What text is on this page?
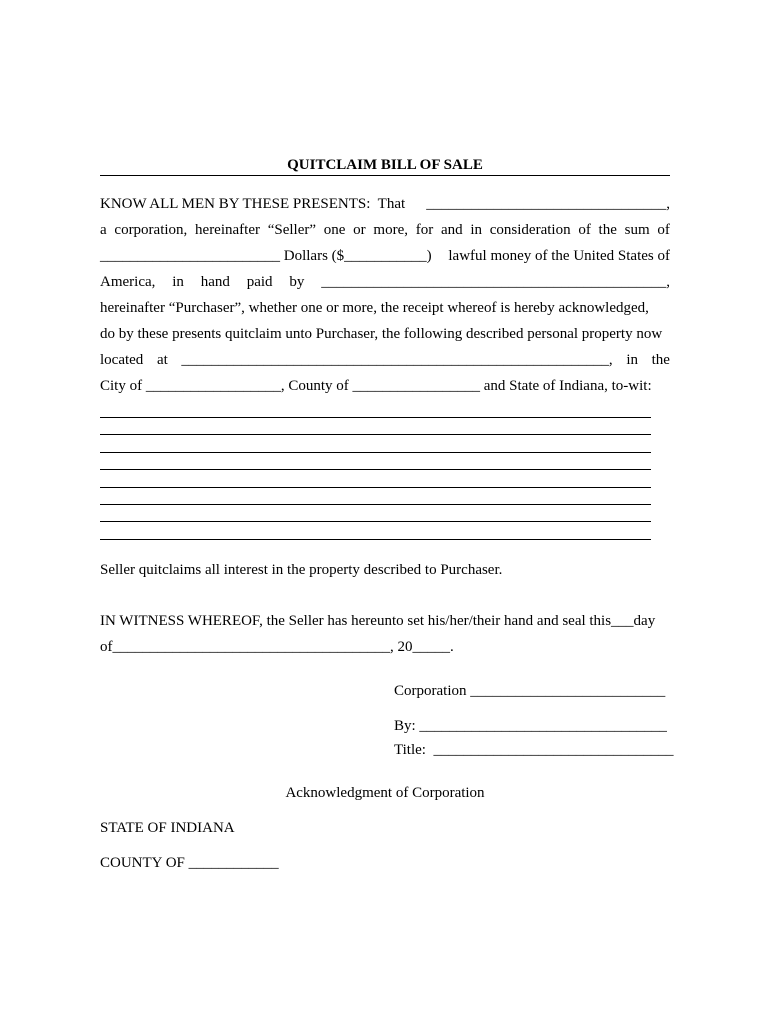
QUITCLAIM BILL OF SALE
KNOW ALL MEN BY THESE PRESENTS:  That ________________________________,
a corporation, hereinafter “Seller” one or more, for and in consideration of the sum of
________________________ Dollars ($___________) lawful money of the United States of
America, in hand paid by ______________________________________________,
hereinafter “Purchaser”, whether one or more, the receipt whereof is hereby acknowledged,
do by these presents quitclaim unto Purchaser, the following described personal property now
located at _________________________________________________________, in the
City of __________________, County of _________________ and State of Indiana, to-wit:
Seller quitclaims all interest in the property described to Purchaser.
IN WITNESS WHEREOF, the Seller has hereunto set his/her/their hand and seal this___day
of_____________________________________, 20_____.
Corporation __________________________
By: _________________________________
Title:  ________________________________
Acknowledgment of Corporation
STATE OF INDIANA
COUNTY OF ____________
